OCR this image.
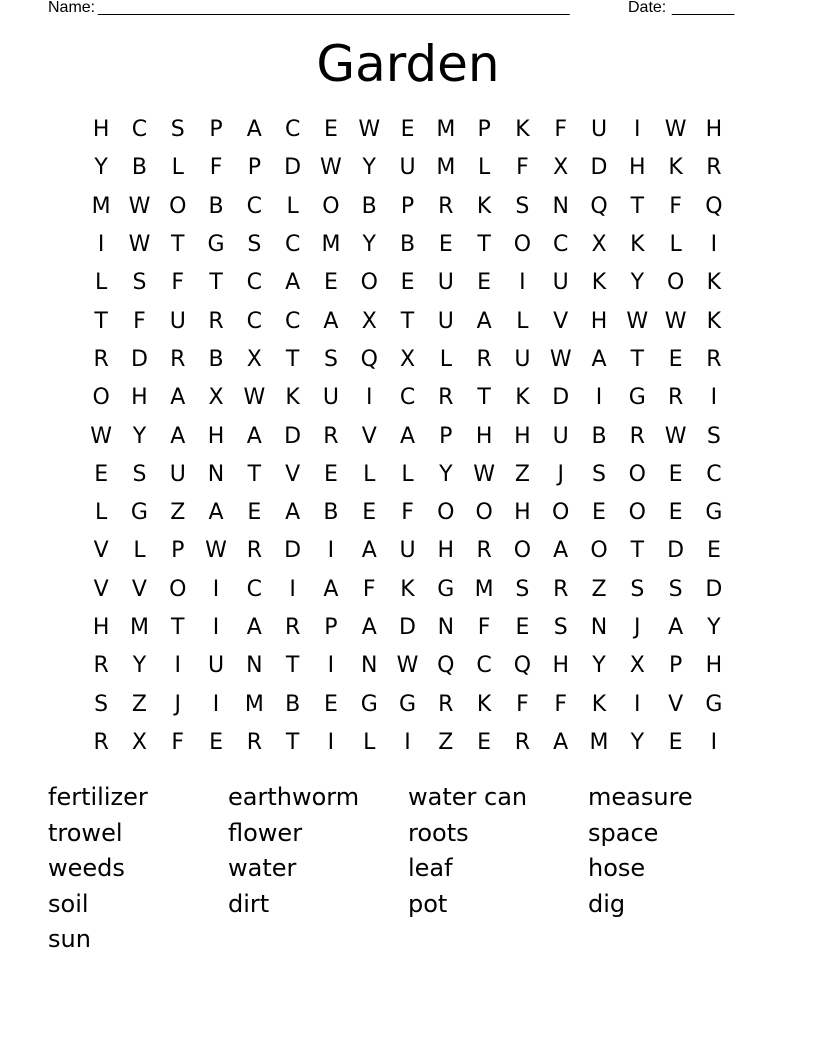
Name: _____________________________________________________	Date: _______
Garden
H	C	S	P	A	C	E W E M	P	K	F	U	I	W H
Y	B	L	F	P	D W Y	U M	L	F	X	D H	K	R
M W O	B	C	L	O	B	P	R	K	S	N Q	T	F	Q
I	W T	G	S	C M	Y	B	E	T	O C	X	K	L	I
L	S	F	T	C	A	E	O	E	U	E	I	U	K	Y	O	K
T	F	U	R	C	C	A	X	T	U	A	L	V	H W W K
R	D	R	B	X	T	S	Q	X	L	R	U W A	T	E	R
O H	A	X W K	U	I	C	R	T	K	D	I	G	R	I
W Y	A	H	A	D	R	V	A	P	H H U	B	R W S
E	S	U	N	T	V	E	L	L	Y W Z	J	S	O	E	C
L	G	Z	A	E	A	B	E	F	O O H O	E	O	E	G
V	L	P W R	D	I	A	U H	R O	A	O	T	D	E
V	V	O	I	C	I	A	F	K	G M S	R	Z	S	S	D
H M	T	I	A	R	P	A	D N	F	E	S	N	J	A	Y
R	Y	I	U	N	T	I	N W Q C Q H	Y	X	P	H
S	Z	J	I	M B	E	G G	R	K	F	F	K	I	V	G
R	X	F	E	R	T	I	L	I	Z	E	R	A M	Y	E	I
fertilizer	earthworm	water can	measure
trowel	flower	roots	space
weeds	water	leaf	hose
soil	dirt	pot	dig
sun
